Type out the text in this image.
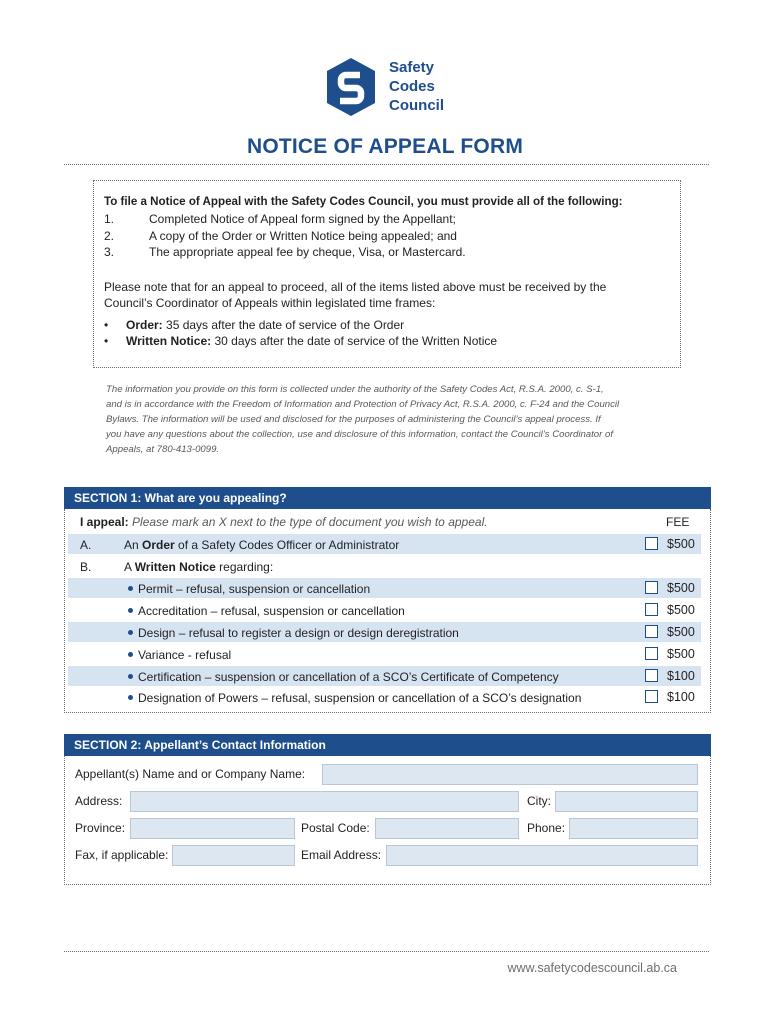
Safety
Codes
Council
NOTICE OF APPEAL FORM
To file a Notice of Appeal with the Safety Codes Council, you must provide all of the following:
1.	Completed Notice of Appeal form signed by the Appellant;
2.	A copy of the Order or Written Notice being appealed; and
3.	The appropriate appeal fee by cheque, Visa, or Mastercard.
Please note that for an appeal to proceed, all of the items listed above must be received by the
Council’s Coordinator of Appeals within legislated time frames:
• Order: 35 days after the date of service of the Order
• Written Notice: 30 days after the date of service of the Written Notice
The information you provide on this form is collected under the authority of the Safety Codes Act, R.S.A. 2000, c. S-1,
and is in accordance with the Freedom of Information and Protection of Privacy Act, R.S.A. 2000, c. F-24 and the Council
Bylaws. The information will be used and disclosed for the purposes of administering the Council’s appeal process. If
you have any questions about the collection, use and disclosure of this information, contact the Council’s Coordinator of
Appeals, at 780-413-0099.
SECTION 1: What are you appealing?
I appeal: Please mark an X next to the type of document you wish to appeal.	FEE
A.	An Order of a Safety Codes Officer or Administrator	$500
B.	A Written Notice regarding:
Permit – refusal, suspension or cancellation	$500
Accreditation – refusal, suspension or cancellation	$500
Design – refusal to register a design or design deregistration	$500
Variance - refusal	$500
Certification – suspension or cancellation of a SCO’s Certificate of Competency	$100
Designation of Powers – refusal, suspension or cancellation of a SCO’s designation	$100
SECTION 2: Appellant’s Contact Information
Appellant(s) Name and or Company Name:
Address:	City:
Province:	Postal Code:	Phone:
Fax, if applicable:	Email Address:
www.safetycodescouncil.ab.ca
